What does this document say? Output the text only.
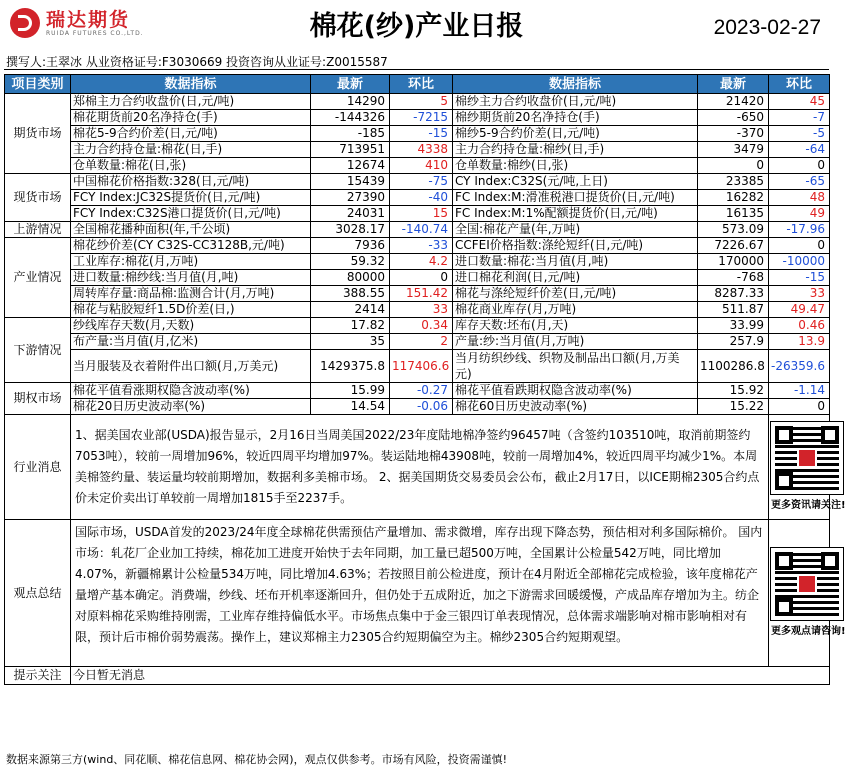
瑞达期货
RUIDA FUTURES CO.,LTD.	棉花(纱)产业日报	2023-02-27
撰写人:王翠冰 从业资格证号:F3030669 投资咨询从业证号:Z0015587
项目类别	数据指标	最新	环比	数据指标	最新	环比
期货市场	郑棉主力合约收盘价(日,元/吨)	14290	5	棉纱主力合约收盘价(日,元/吨)	21420	45
	棉花期货前20名净持仓(手)	-144326	-7215	棉纱期货前20名净持仓(手)	-650	-7
	棉花5-9合约价差(日,元/吨)	-185	-15	棉纱5-9合约价差(日,元/吨)	-370	-5
	主力合约持仓量:棉花(日,手)	713951	4338	主力合约持仓量:棉纱(日,手)	3479	-64
	仓单数量:棉花(日,张)	12674	410	仓单数量:棉纱(日,张)	0	0
现货市场	中国棉花价格指数:328(日,元/吨)	15439	-75	CY Index:C32S(元/吨,上日)	23385	-65
	FCY Index:JC32S提货价(日,元/吨)	27390	-40	FC Index:M:滑准税港口提货价(日,元/吨)	16282	48
	FCY Index:C32S港口提货价(日,元/吨)	24031	15	FC Index:M:1%配额提货价(日,元/吨)	16135	49
上游情况	全国棉花播种面积(年,千公顷)	3028.17	-140.74	全国:棉花产量(年,万吨)	573.09	-17.96
产业情况	棉花纱价差(CY C32S-CC3128B,元/吨)	7936	-33	CCFEI价格指数:涤纶短纤(日,元/吨)	7226.67	0
	工业库存:棉花(月,万吨)	59.32	4.2	进口数量:棉花:当月值(月,吨)	170000	-10000
	进口数量:棉纱线:当月值(月,吨)	80000	0	进口棉花利润(日,元/吨)	-768	-15
	周转库存量:商品棉:监测合计(月,万吨)	388.55	151.42	棉花与涤纶短纤价差(日,元/吨)	8287.33	33
	棉花与粘胶短纤1.5D价差(日,)	2414	33	棉花商业库存(月,万吨)	511.87	49.47
下游情况	纱线库存天数(月,天数)	17.82	0.34	库存天数:坯布(月,天)	33.99	0.46
	布产量:当月值(月,亿米)	35	2	产量:纱:当月值(月,万吨)	257.9	13.9
	当月服装及衣着附件出口额(月,万美元)	1429375.8	117406.6	当月纺织纱线、织物及制品出口额(月,万美元)	1100286.8	-26359.6
期权市场	棉花平值看涨期权隐含波动率(%)	15.99	-0.27	棉花平值看跌期权隐含波动率(%)	15.92	-1.14
	棉花20日历史波动率(%)	14.54	-0.06	棉花60日历史波动率(%)	15.22	0
行业消息	1、据美国农业部(USDA)报告显示，2月16日当周美国2022/23年度陆地棉净签约96457吨（含签约103510吨，取消前期签约7053吨），较前一周增加96%，较近四周平均增加97%。装运陆地棉43908吨，较前一周增加4%，较近四周平均减少1%。本周美棉签约量、装运量均较前期增加，数据利多美棉市场。 2、据美国期货交易委员会公布，截止2月17日，以ICE期棉2305合约点价未定价卖出订单较前一周增加1815手至2237手。					更多资讯请关注!

观点总结	国际市场，USDA首发的2023/24年度全球棉花供需预估产量增加、需求微增，库存出现下降态势，预估相对利多国际棉价。 国内市场：轧花厂企业加工持续，棉花加工进度开始快于去年同期，加工量已超500万吨，全国累计公检量542万吨，同比增加4.07%，新疆棉累计公检量534万吨，同比增加4.63%；若按照目前公检进度，预计在4月附近全部棉花完成检验，该年度棉花产量增产基本确定。消费端，纱线、坯布开机率逐渐回升，但仍处于五成附近，加之下游需求回暖缓慢，产成品库存增加为主。纺企对原料棉花采购维持刚需，工业库存维持偏低水平。市场焦点集中于金三银四订单表现情况，总体需求端影响对棉市影响相对有限，预计后市棉价弱势震荡。操作上，建议郑棉主力2305合约短期偏空为主。棉纱2305合约短期观望。					更多观点请咨询!

提示关注	今日暂无消息					
数据来源第三方(wind、同花顺、棉花信息网、棉花协会网)，观点仅供参考。市场有风险，投资需谨慎!
